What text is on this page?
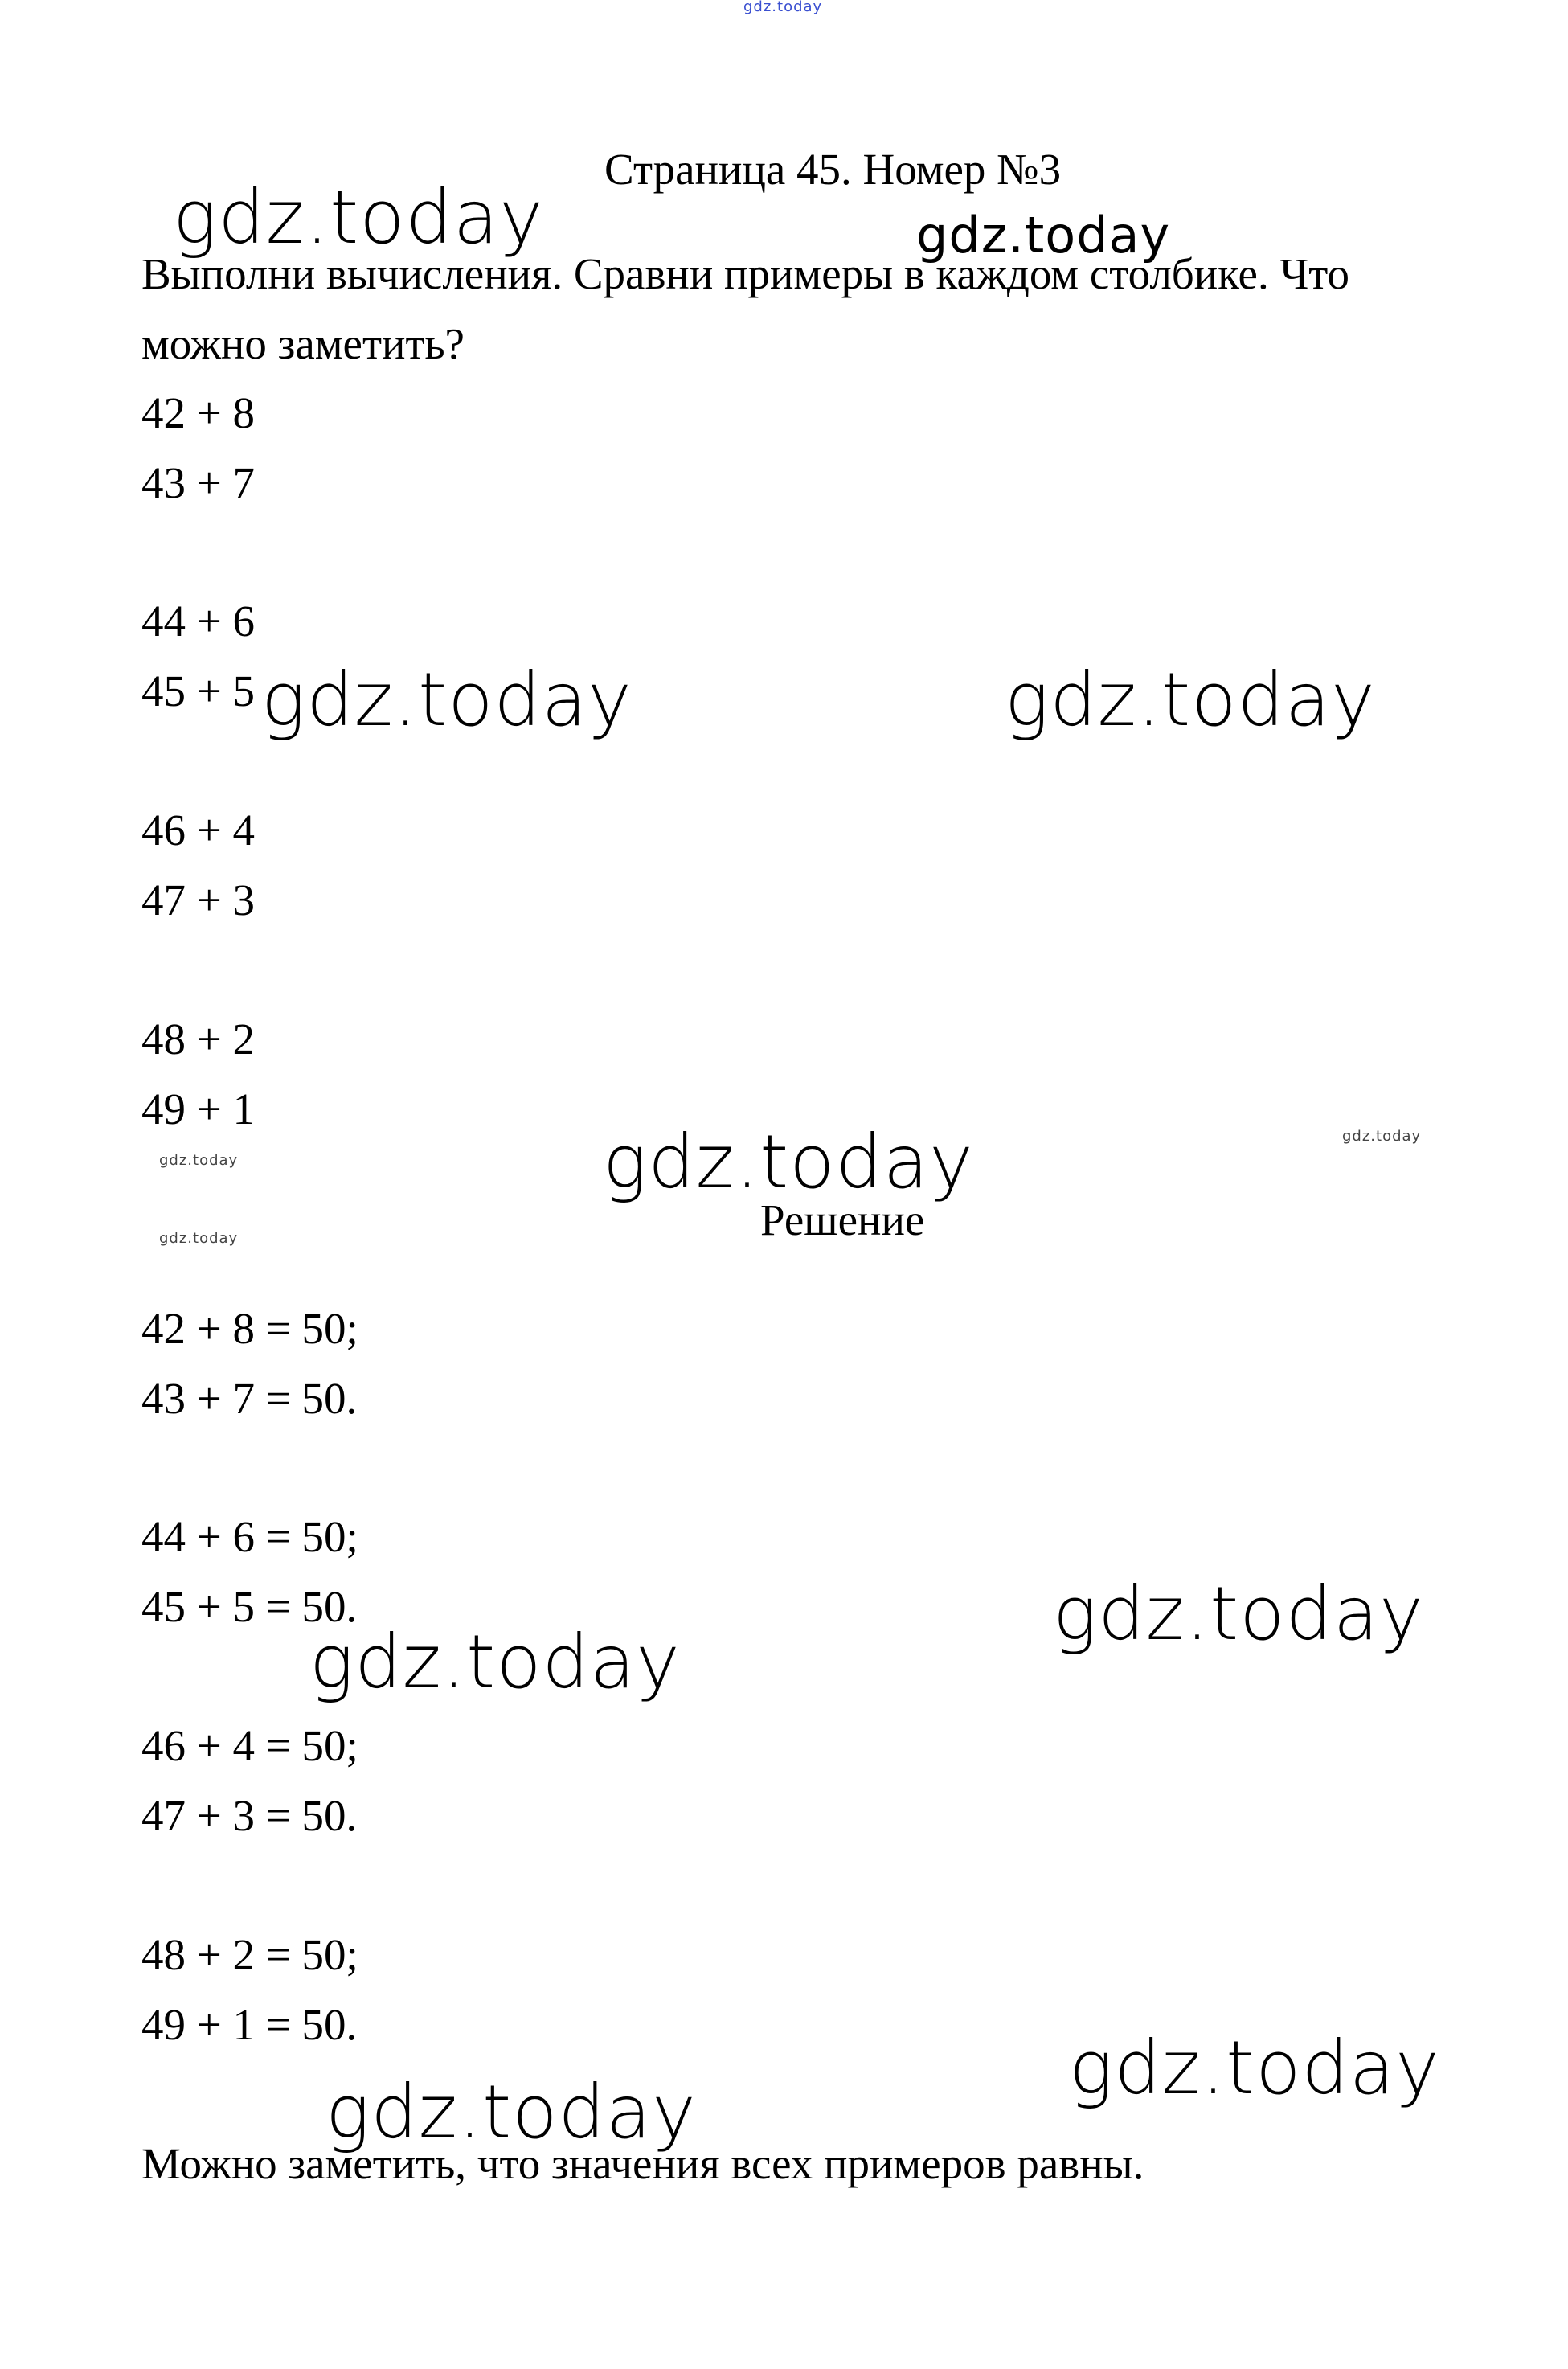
gdz.today
gdz.today	gdz.today
gdz.today	gdz.today
gdz.today
gdz.today
gdz.today
gdz.today
gdz.today
gdz.today
gdz.today
gdz.today
Страница 45. Номер №3
Выполни вычисления. Сравни примеры в каждом столбике. Что
можно заметить?
42 + 8
43 + 7
44 + 6
45 + 5
46 + 4
47 + 3
48 + 2
49 + 1
Решение
42 + 8 = 50;
43 + 7 = 50.
44 + 6 = 50;
45 + 5 = 50.
46 + 4 = 50;
47 + 3 = 50.
48 + 2 = 50;
49 + 1 = 50.
Можно заметить, что значения всех примеров равны.
